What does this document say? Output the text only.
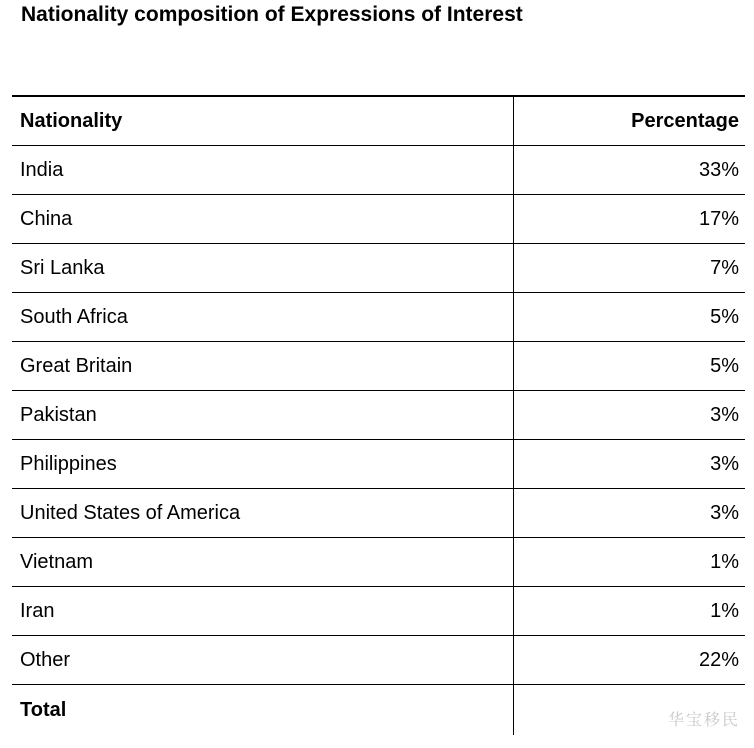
Nationality composition of Expressions of Interest
Nationality	Percentage
India	33%
China	17%
Sri Lanka	7%
South Africa	5%
Great Britain	5%
Pakistan	3%
Philippines	3%
United States of America	3%
Vietnam	1%
Iran	1%
Other	22%
Total	华宝移民
